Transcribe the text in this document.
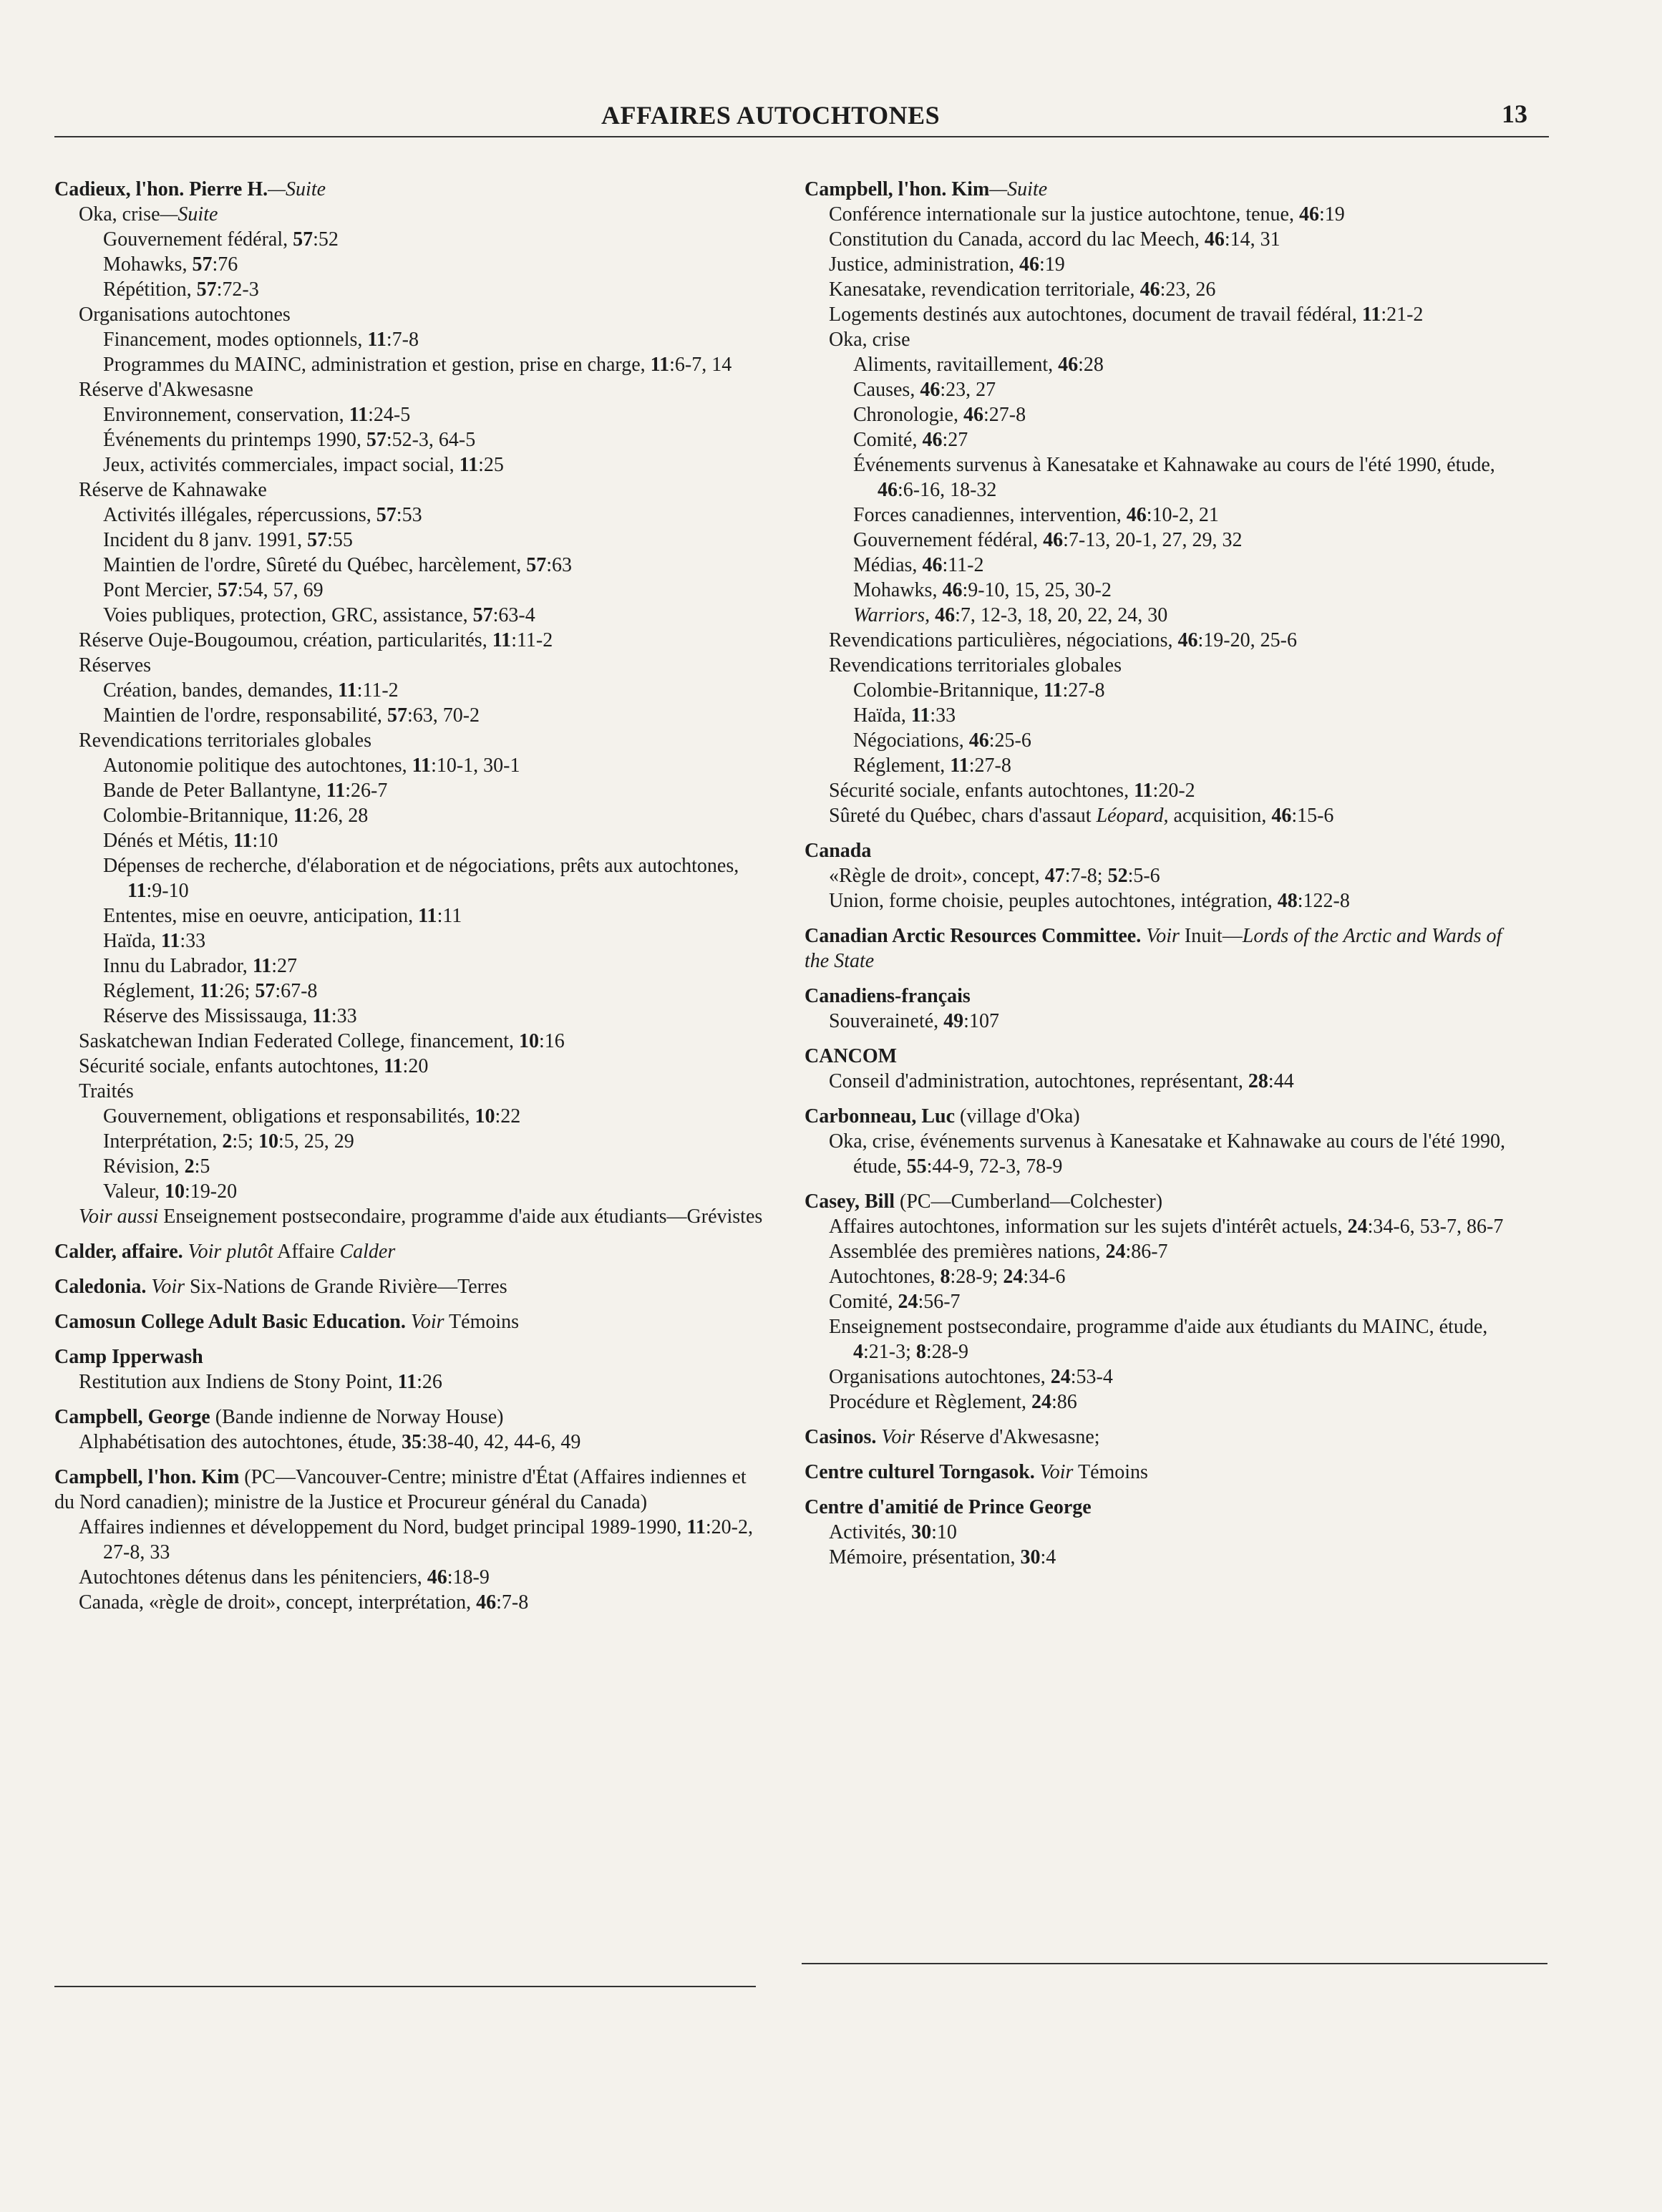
AFFAIRES AUTOCHTONES	13
Cadieux, l'hon. Pierre H.—Suite
Oka, crise—Suite
Gouvernement fédéral, 57:52
Mohawks, 57:76
Répétition, 57:72-3
Organisations autochtones
Financement, modes optionnels, 11:7-8
Programmes du MAINC, administration et gestion, prise en charge, 11:6-7, 14
Réserve d'Akwesasne
Environnement, conservation, 11:24-5
Événements du printemps 1990, 57:52-3, 64-5
Jeux, activités commerciales, impact social, 11:25
Réserve de Kahnawake
Activités illégales, répercussions, 57:53
Incident du 8 janv. 1991, 57:55
Maintien de l'ordre, Sûreté du Québec, harcèlement, 57:63
Pont Mercier, 57:54, 57, 69
Voies publiques, protection, GRC, assistance, 57:63-4
Réserve Ouje-Bougoumou, création, particularités, 11:11-2
Réserves
Création, bandes, demandes, 11:11-2
Maintien de l'ordre, responsabilité, 57:63, 70-2
Revendications territoriales globales
Autonomie politique des autochtones, 11:10-1, 30-1
Bande de Peter Ballantyne, 11:26-7
Colombie-Britannique, 11:26, 28
Dénés et Métis, 11:10
Dépenses de recherche, d'élaboration et de négociations, prêts aux autochtones, 11:9-10
Ententes, mise en oeuvre, anticipation, 11:11
Haïda, 11:33
Innu du Labrador, 11:27
Réglement, 11:26; 57:67-8
Réserve des Mississauga, 11:33
Saskatchewan Indian Federated College, financement, 10:16
Sécurité sociale, enfants autochtones, 11:20
Traités
Gouvernement, obligations et responsabilités, 10:22
Interprétation, 2:5; 10:5, 25, 29
Révision, 2:5
Valeur, 10:19-20
Voir aussi Enseignement postsecondaire, programme d'aide aux étudiants—Grévistes
Calder, affaire. Voir plutôt Affaire Calder
Caledonia. Voir Six-Nations de Grande Rivière—Terres
Camosun College Adult Basic Education. Voir Témoins
Camp Ipperwash
Restitution aux Indiens de Stony Point, 11:26
Campbell, George (Bande indienne de Norway House)
Alphabétisation des autochtones, étude, 35:38-40, 42, 44-6, 49
Campbell, l'hon. Kim (PC—Vancouver-Centre; ministre d'État (Affaires indiennes et du Nord canadien); ministre de la Justice et Procureur général du Canada)
Affaires indiennes et développement du Nord, budget principal 1989-1990, 11:20-2, 27-8, 33
Autochtones détenus dans les pénitenciers, 46:18-9
Canada, «règle de droit», concept, interprétation, 46:7-8
Campbell, l'hon. Kim—Suite
Conférence internationale sur la justice autochtone, tenue, 46:19
Constitution du Canada, accord du lac Meech, 46:14, 31
Justice, administration, 46:19
Kanesatake, revendication territoriale, 46:23, 26
Logements destinés aux autochtones, document de travail fédéral, 11:21-2
Oka, crise
Aliments, ravitaillement, 46:28
Causes, 46:23, 27
Chronologie, 46:27-8
Comité, 46:27
Événements survenus à Kanesatake et Kahnawake au cours de l'été 1990, étude, 46:6-16, 18-32
Forces canadiennes, intervention, 46:10-2, 21
Gouvernement fédéral, 46:7-13, 20-1, 27, 29, 32
Médias, 46:11-2
Mohawks, 46:9-10, 15, 25, 30-2
Warriors, 46:7, 12-3, 18, 20, 22, 24, 30
Revendications particulières, négociations, 46:19-20, 25-6
Revendications territoriales globales
Colombie-Britannique, 11:27-8
Haïda, 11:33
Négociations, 46:25-6
Réglement, 11:27-8
Sécurité sociale, enfants autochtones, 11:20-2
Sûreté du Québec, chars d'assaut Léopard, acquisition, 46:15-6
Canada
«Règle de droit», concept, 47:7-8; 52:5-6
Union, forme choisie, peuples autochtones, intégration, 48:122-8
Canadian Arctic Resources Committee. Voir Inuit—Lords of the Arctic and Wards of the State
Canadiens-français
Souveraineté, 49:107
CANCOM
Conseil d'administration, autochtones, représentant, 28:44
Carbonneau, Luc (village d'Oka)
Oka, crise, événements survenus à Kanesatake et Kahnawake au cours de l'été 1990, étude, 55:44-9, 72-3, 78-9
Casey, Bill (PC—Cumberland—Colchester)
Affaires autochtones, information sur les sujets d'intérêt actuels, 24:34-6, 53-7, 86-7
Assemblée des premières nations, 24:86-7
Autochtones, 8:28-9; 24:34-6
Comité, 24:56-7
Enseignement postsecondaire, programme d'aide aux étudiants du MAINC, étude, 4:21-3; 8:28-9
Organisations autochtones, 24:53-4
Procédure et Règlement, 24:86
Casinos. Voir Réserve d'Akwesasne;
Centre culturel Torngasok. Voir Témoins
Centre d'amitié de Prince George
Activités, 30:10
Mémoire, présentation, 30:4
